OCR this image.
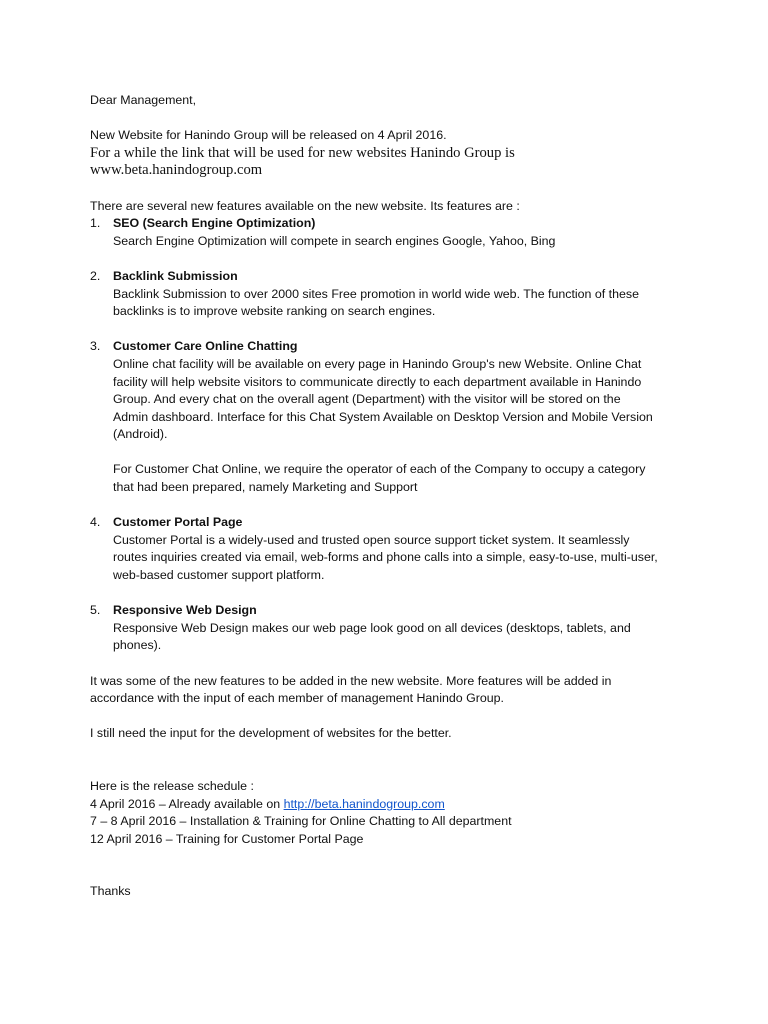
Dear Management,
New Website for Hanindo Group will be released on 4 April 2016.
For a while the link that will be used for new websites Hanindo Group is
www.beta.hanindogroup.com
There are several new features available on the new website. Its features are :
1. SEO (Search Engine Optimization)
Search Engine Optimization will compete in search engines Google, Yahoo, Bing
2. Backlink Submission
Backlink Submission to over 2000 sites Free promotion in world wide web. The function of these
backlinks is to improve website ranking on search engines.
3. Customer Care Online Chatting
Online chat facility will be available on every page in Hanindo Group's new Website. Online Chat
facility will help website visitors to communicate directly to each department available in Hanindo
Group. And every chat on the overall agent (Department) with the visitor will be stored on the
Admin dashboard. Interface for this Chat System Available on Desktop Version and Mobile Version
(Android).
For Customer Chat Online, we require the operator of each of the Company to occupy a category
that had been prepared, namely Marketing and Support
4. Customer Portal Page
Customer Portal is a widely-used and trusted open source support ticket system. It seamlessly
routes inquiries created via email, web-forms and phone calls into a simple, easy-to-use, multi-user,
web-based customer support platform.
5. Responsive Web Design
Responsive Web Design makes our web page look good on all devices (desktops, tablets, and
phones).
It was some of the new features to be added in the new website. More features will be added in
accordance with the input of each member of management Hanindo Group.
I still need the input for the development of websites for the better.
Here is the release schedule :
4 April 2016 – Already available on http://beta.hanindogroup.com
7 – 8 April 2016 – Installation & Training for Online Chatting to All department
12 April 2016 – Training for Customer Portal Page
Thanks
